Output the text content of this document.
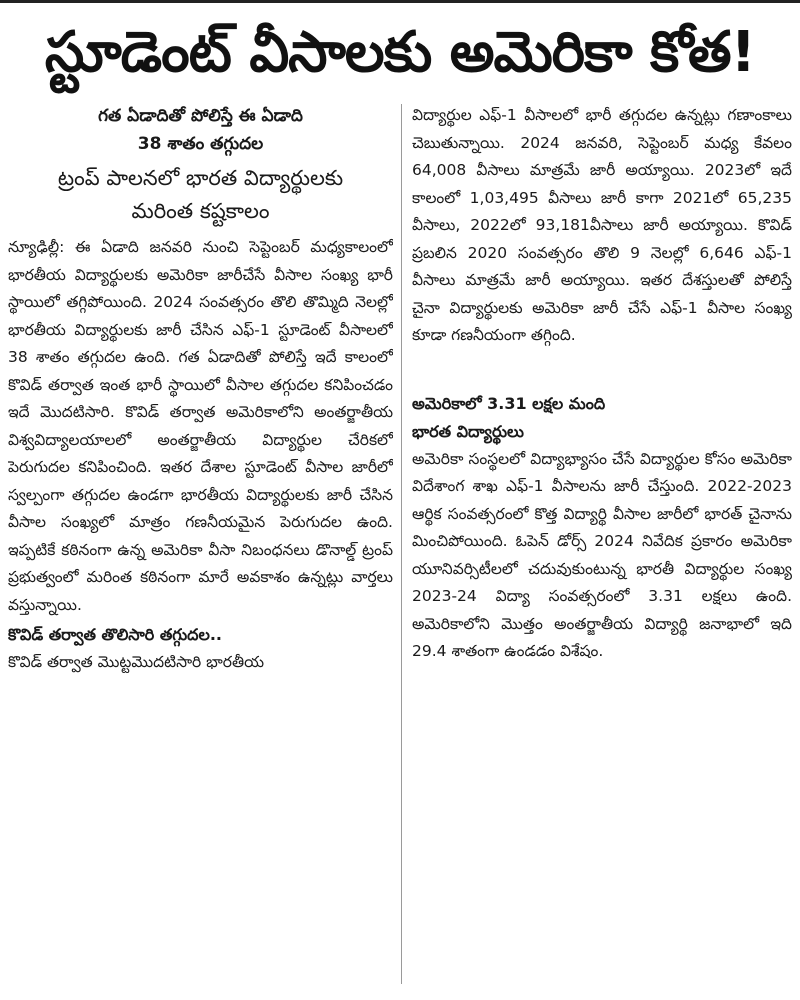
స్టూడెంట్ వీసాలకు అమెరికా కోత!

గత ఏడాదితో పోలిస్తే ఈ ఏడాది

38 శాతం తగ్గుదల

ట్రంప్ పాలనలో భారత విద్యార్థులకు
మరింత కష్టకాలం

న్యూఢిల్లీ: ఈ ఏడాది జనవరి నుంచి సెప్టెంబర్ మధ్యకాలంలో భారతీయ విద్యార్థులకు అమెరికా జారీచేసే వీసాల సంఖ్య భారీ స్థాయిలో తగ్గిపోయింది. 2024 సంవత్సరం తొలి తొమ్మిది నెలల్లో భారతీయ విద్యార్థులకు జారీ చేసిన ఎఫ్-1 స్టూడెంట్ వీసాలలో 38 శాతం తగ్గుదల ఉంది. గత ఏడాదితో పోలిస్తే ఇదే కాలంలో కొవిడ్ తర్వాత ఇంత భారీ స్థాయిలో వీసాల తగ్గుదల కనిపించడం ఇదే మొదటిసారి. కొవిడ్ తర్వాత అమెరికాలోని అంతర్జాతీయ విశ్వవిద్యాలయాలలో అంతర్జాతీయ విద్యార్థుల చేరికలో పెరుగుదల కనిపించింది. ఇతర దేశాల స్టూడెంట్ వీసాల జారీలో స్వల్పంగా తగ్గుదల ఉండగా భారతీయ విద్యార్థులకు జారీ చేసిన వీసాల సంఖ్యలో మాత్రం గణనీయమైన పెరుగుదల ఉంది. ఇప్పటికే కఠినంగా ఉన్న అమెరికా వీసా నిబంధనలు డొనాల్డ్ ట్రంప్ ప్రభుత్వంలో మరింత కఠినంగా మారే అవకాశం ఉన్నట్లు వార్తలు వస్తున్నాయి.

కొవిడ్ తర్వాత తొలిసారి తగ్గుదల..

కొవిడ్ తర్వాత మొట్టమొదటిసారి భారతీయ

విద్యార్థుల ఎఫ్-1 వీసాలలో భారీ తగ్గుదల ఉన్నట్లు గణాంకాలు చెబుతున్నాయి. 2024 జనవరి, సెప్టెంబర్ మధ్య కేవలం 64,008 వీసాలు మాత్రమే జారీ అయ్యాయి. 2023లో ఇదే కాలంలో 1,03,495 వీసాలు జారీ కాగా 2021లో 65,235 వీసాలు, 2022లో 93,181వీసాలు జారీ అయ్యాయి. కొవిడ్ ప్రబలిన 2020 సంవత్సరం తొలి 9 నెలల్లో 6,646 ఎఫ్-1 వీసాలు మాత్రమే జారీ అయ్యాయి. ఇతర దేశస్తులతో పోలిస్తే చైనా విద్యార్థులకు అమెరికా జారీ చేసే ఎఫ్-1 వీసాల సంఖ్య కూడా గణనీయంగా తగ్గింది.

అమెరికాలో 3.31 లక్షల మంది
భారత విద్యార్థులు

అమెరికా సంస్థలలో విద్యాభ్యాసం చేసే విద్యార్థుల కోసం అమెరికా విదేశాంగ శాఖ ఎఫ్-1 వీసాలను జారీ చేస్తుంది. 2022-2023 ఆర్థిక సంవత్సరంలో కొత్త విద్యార్థి వీసాల జారీలో భారత్ చైనాను మించిపోయింది. ఓపెన్ డోర్స్ 2024 నివేదిక ప్రకారం అమెరికా యూనివర్సిటీలలో చదువుకుంటున్న భారతీ విద్యార్థుల సంఖ్య 2023-24 విద్యా సంవత్సరంలో 3.31 లక్షలు ఉంది. అమెరికాలోని మొత్తం అంతర్జాతీయ విద్యార్థి జనాభాలో ఇది 29.4 శాతంగా ఉండడం విశేషం.
